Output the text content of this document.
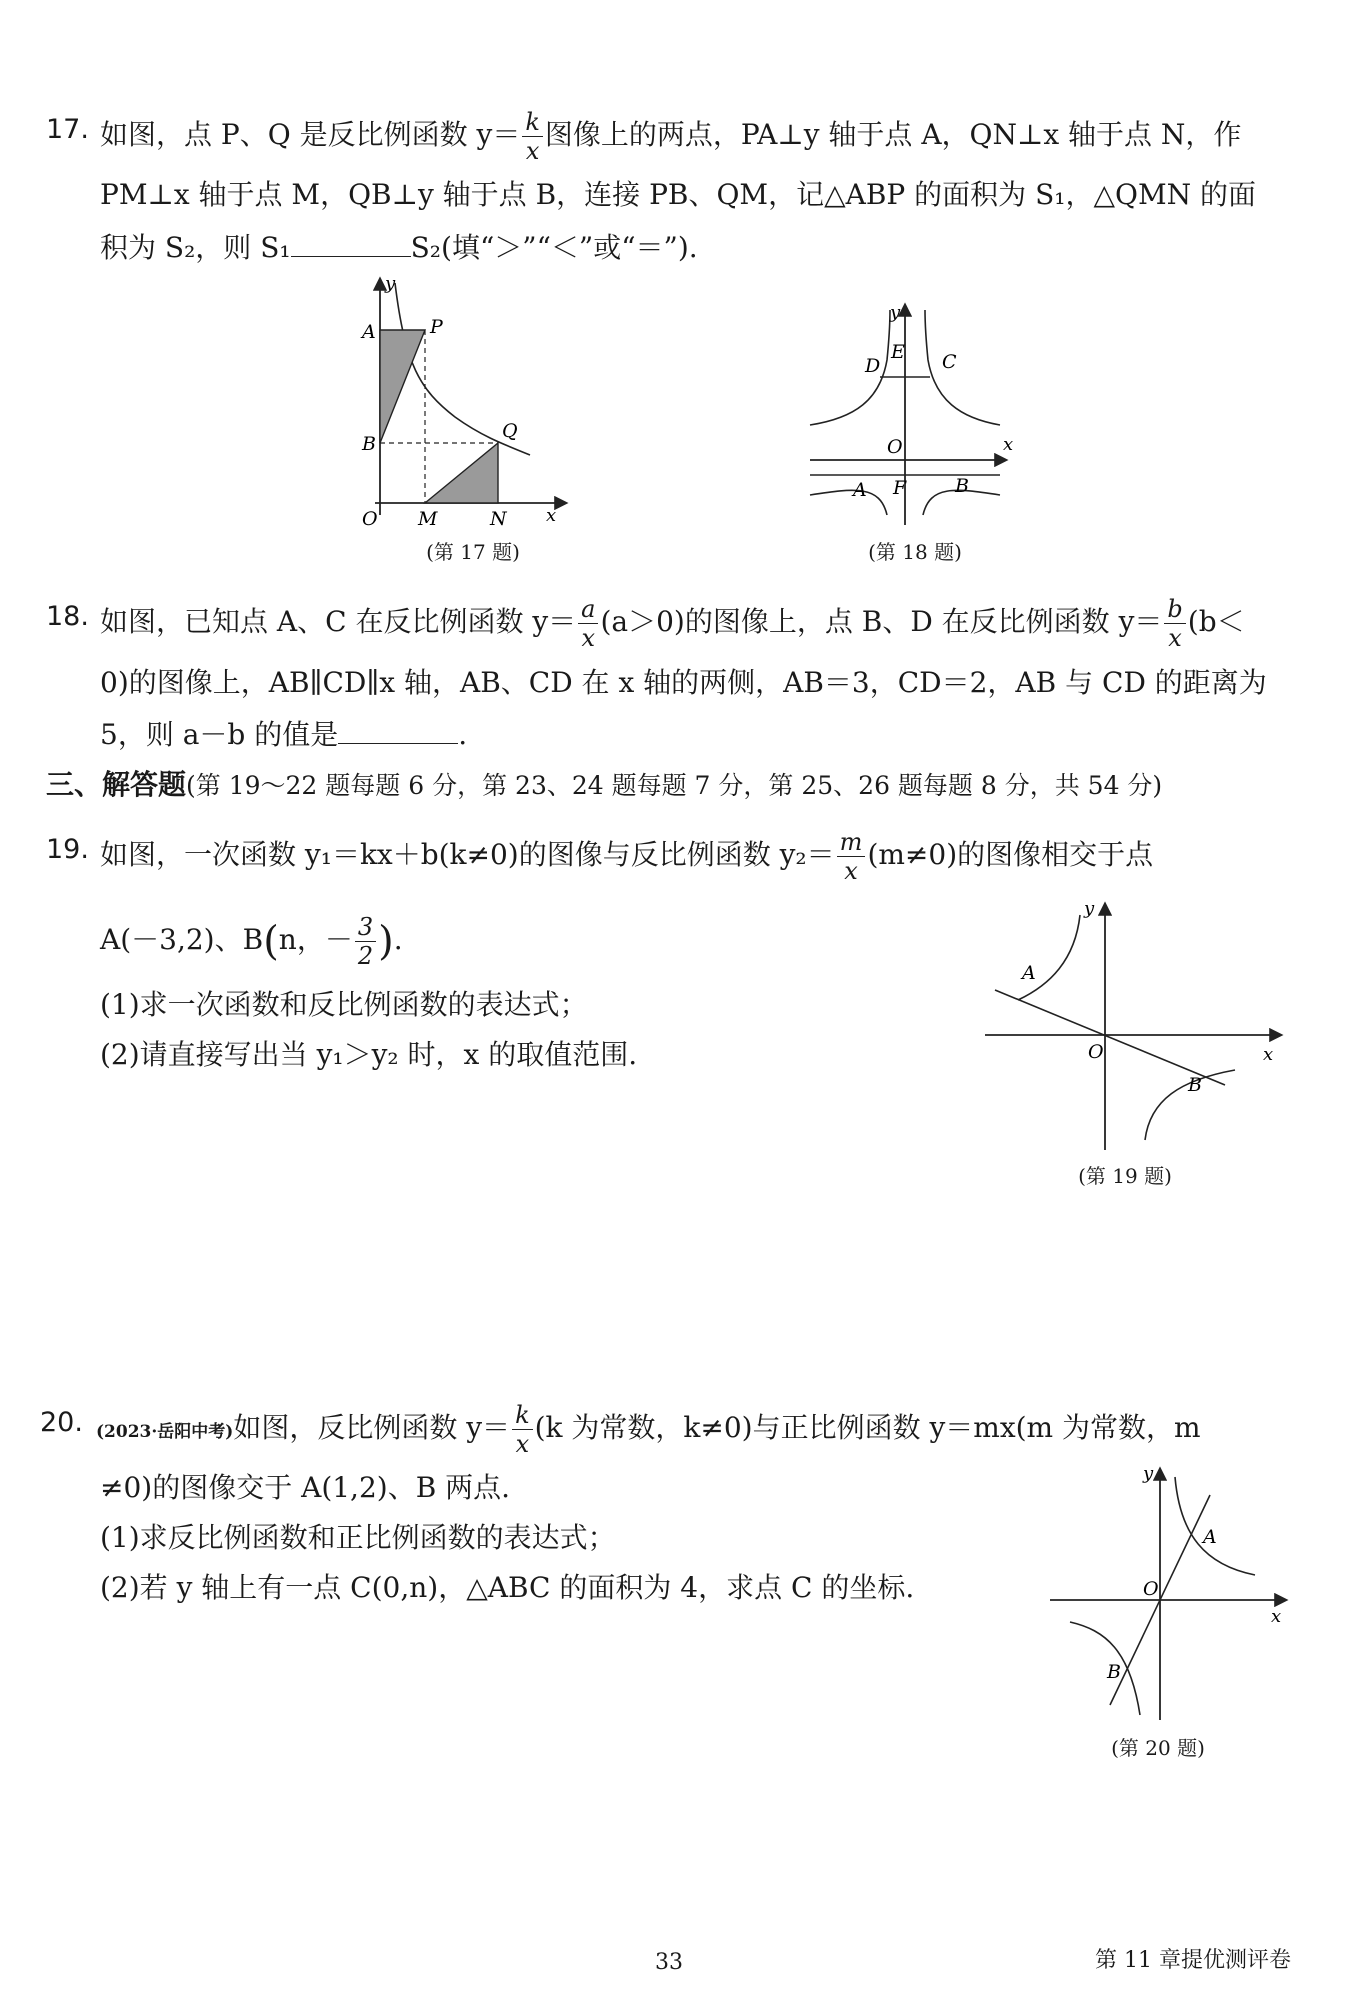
17. 如图，点 P、Q 是反比例函数 $y= \frac{k}{x}$ 图像上的两点，PA⊥y 轴于点 A，QN⊥x 轴于点 N，作
PM⊥x 轴于点 M，QB⊥y 轴于点 B，连接 PB、QM，记△ABP 的面积为 S₁，△QMN 的面
积为 S₂，则 S₁	S₂(填“＞”“＜”或“＝”).
y
A	P
B
Q
O M	N x
(第 17 题)
y
E C
D
O	x
A F	B
(第 18 题)
18. 如图，已知点 A、C 在反比例函数 $y= \frac{a}{x} (a>0)$的图像上，点 B、D 在反比例函数 $y= \frac{b}{x} (b<$
0)的图像上，AB∥CD∥x 轴，AB、CD 在 x 轴的两侧，AB＝3，CD＝2，AB 与 CD 的距离为
5，则 a－b 的值是	.
三、解答题(第 19～22 题每题 6 分，第 23、24 题每题 7 分，第 25、26 题每题 8 分，共 54 分)
19. 如图，一次函数 y₁＝kx＋b(k≠0)的图像与反比例函数 $y_2= \frac{m}{x} (m\ne 0)$的图像相交于点
A(－3,2)、B(n，－ $\frac{3}{2}$ ).
(1)求一次函数和反比例函数的表达式；
(2)请直接写出当 y₁＞y₂ 时，x 的取值范围.
y
A
O	x
B
(第 19 题)
20. (2023·岳阳中考)如图，反比例函数 $y= \frac{k}{x} (k$ 为常数，k≠0)与正比例函数 y＝mx(m 为常数，m
≠0)的图像交于 A(1,2)、B 两点.
(1)求反比例函数和正比例函数的表达式；
(2)若 y 轴上有一点 C(0,n)，△ABC 的面积为 4，求点 C 的坐标.
y
A
O
x
B
(第 20 题)
33	第 11 章提优测评卷
